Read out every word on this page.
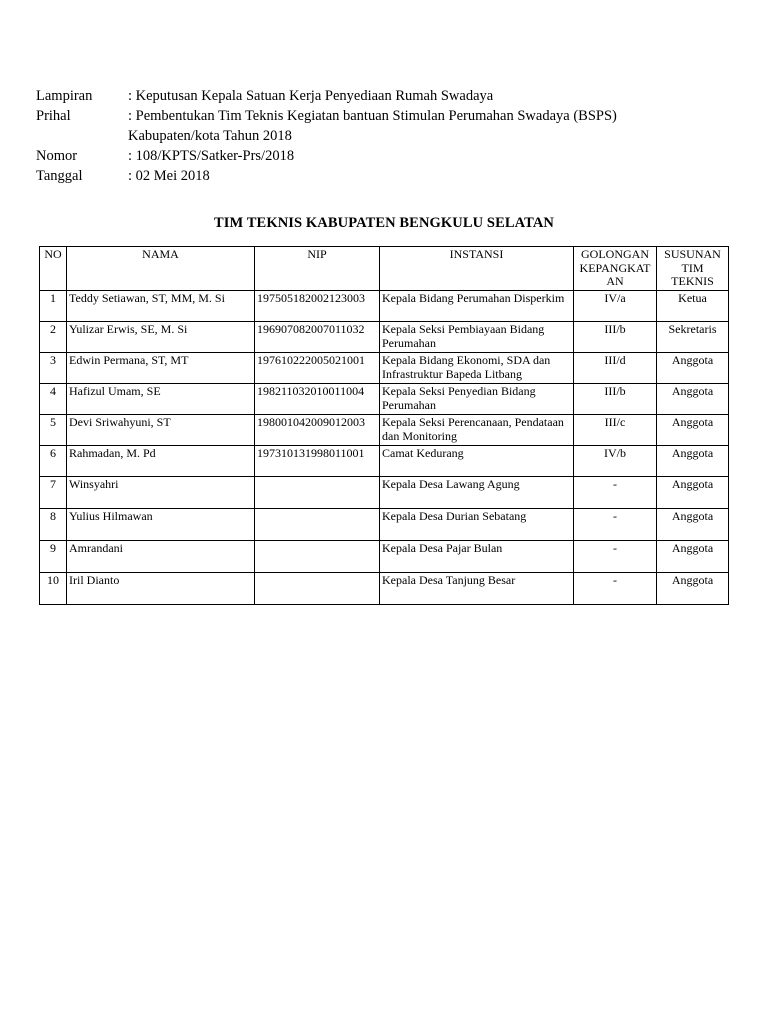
Lampiran	: Keputusan Kepala Satuan Kerja Penyediaan Rumah Swadaya
Prihal	: Pembentukan Tim Teknis Kegiatan bantuan Stimulan Perumahan Swadaya (BSPS)
Kabupaten/kota Tahun 2018
Nomor	: 108/KPTS/Satker-Prs/2018
Tanggal	: 02 Mei 2018
TIM TEKNIS KABUPATEN BENGKULU SELATAN
NO	NAMA	NIP	INSTANSI	GOLONGAN KEPANGKATAN	SUSUNAN TIM TEKNIS
1	Teddy Setiawan, ST, MM, M. Si	197505182002123003	Kepala Bidang Perumahan Disperkim	IV/a	Ketua
2	Yulizar Erwis, SE, M. Si	196907082007011032	Kepala Seksi Pembiayaan Bidang Perumahan	III/b	Sekretaris
3	Edwin Permana, ST, MT	197610222005021001	Kepala Bidang Ekonomi, SDA dan Infrastruktur Bapeda Litbang	III/d	Anggota
4	Hafizul Umam, SE	198211032010011004	Kepala Seksi Penyedian Bidang Perumahan	III/b	Anggota
5	Devi Sriwahyuni, ST	198001042009012003	Kepala Seksi Perencanaan, Pendataan dan Monitoring	III/c	Anggota
6	Rahmadan, M. Pd	197310131998011001	Camat Kedurang	IV/b	Anggota
7	Winsyahri		Kepala Desa Lawang Agung	-	Anggota
8	Yulius Hilmawan		Kepala Desa Durian Sebatang	-	Anggota
9	Amrandani		Kepala Desa Pajar Bulan	-	Anggota
10	Iril Dianto		Kepala Desa Tanjung Besar	-	Anggota
